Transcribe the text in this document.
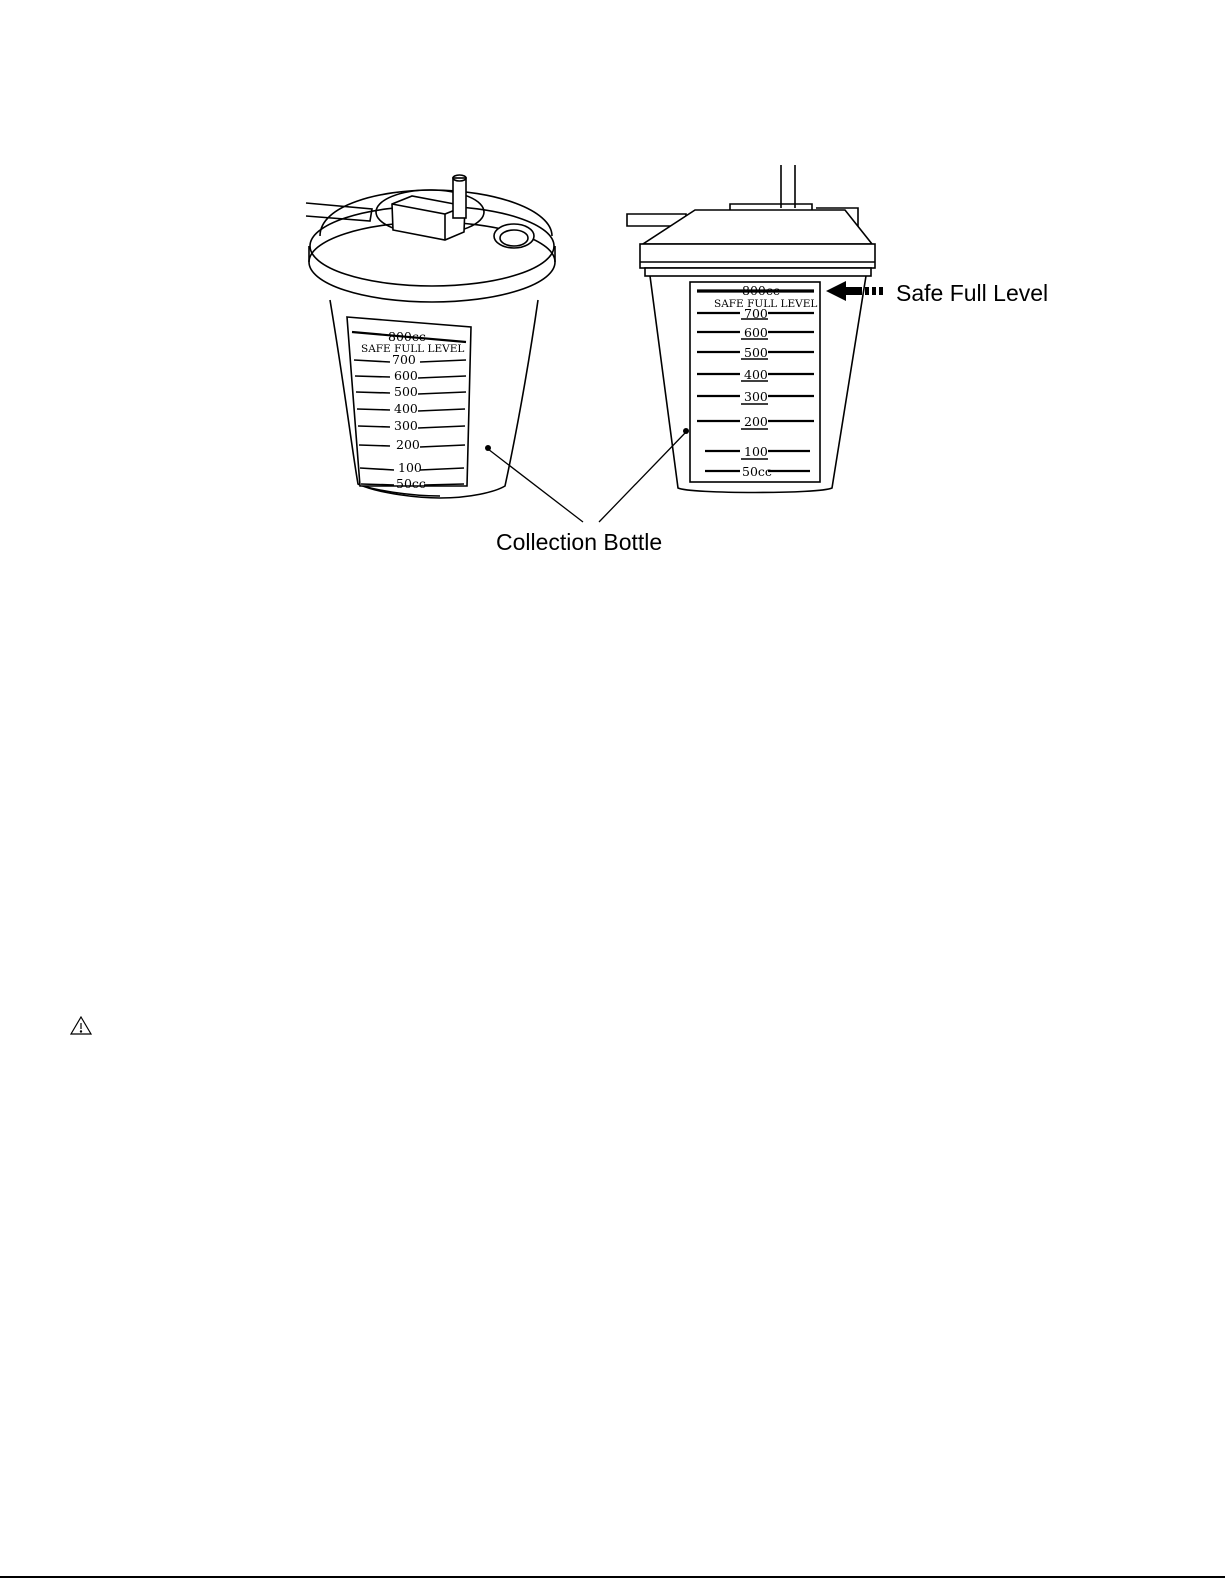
800cc
SAFE FULL LEVEL
700
600
500
400
300
200
100
50cc
800cc
SAFE FULL LEVEL
700
600
500
400
300
200
100
50cc
Safe Full Level
Collection Bottle
